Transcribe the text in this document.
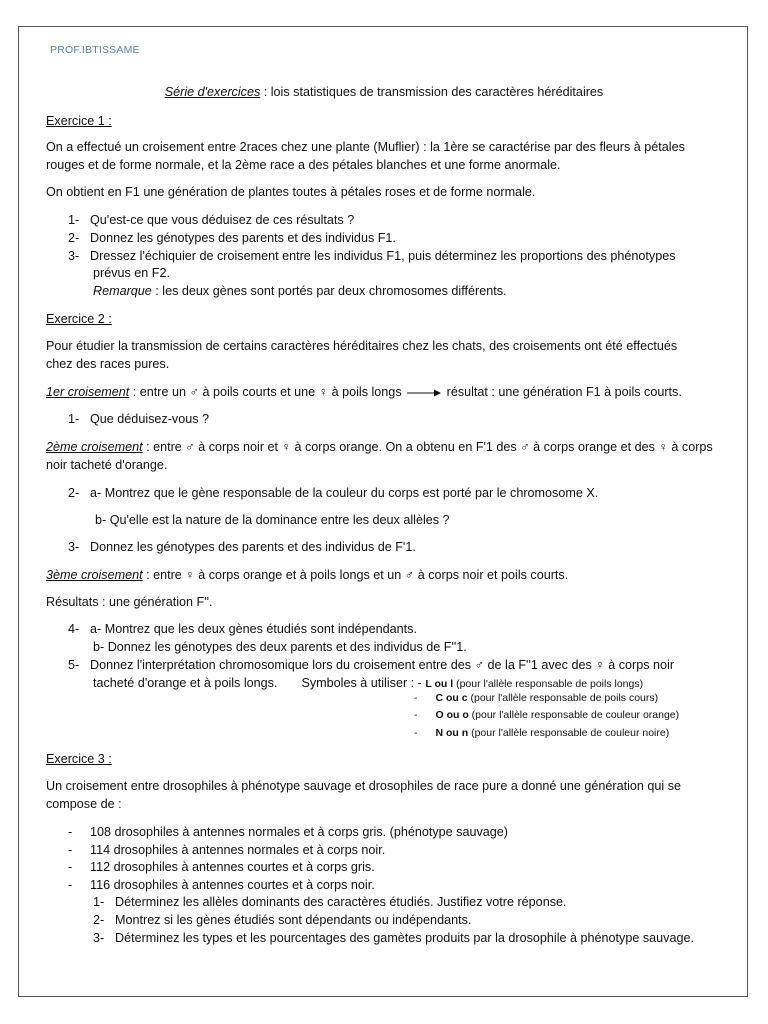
PROF.IBTISSAME
Série d'exercices : lois statistiques de transmission des caractères héréditaires
Exercice 1 :
On a effectué un croisement entre 2races chez une plante (Muflier) : la 1ère se caractérise par des fleurs à pétales
rouges et de forme normale, et la 2ème race a des pétales blanches et une forme anormale.
On obtient en F1 une génération de plantes toutes à pétales roses et de forme normale.
1- Qu'est-ce que vous déduisez de ces résultats ?
2- Donnez les génotypes des parents et des individus F1.
3- Dressez l'échiquier de croisement entre les individus F1, puis déterminez les proportions des phénotypes
prévus en F2.
Remarque : les deux gènes sont portés par deux chromosomes différents.
Exercice 2 :
Pour étudier la transmission de certains caractères héréditaires chez les chats, des croisements ont été effectués
chez des races pures.
1er croisement : entre un ♂ à poils courts et une ♀ à poils longs	résultat : une génération F1 à poils courts.
1- Que déduisez-vous ?
2ème croisement : entre ♂ à corps noir et ♀ à corps orange. On a obtenu en F'1 des ♂ à corps orange et des ♀ à corps
noir tacheté d'orange.
2- a- Montrez que le gène responsable de la couleur du corps est porté par le chromosome X.
b- Qu'elle est la nature de la dominance entre les deux allèles ?
3- Donnez les génotypes des parents et des individus de F'1.
3ème croisement : entre ♀ à corps orange et à poils longs et un ♂ à corps noir et poils courts.
Résultats : une génération F''.
4- a- Montrez que les deux gènes étudiés sont indépendants.
b- Donnez les génotypes des deux parents et des individus de F''1.
5- Donnez l'interprétation chromosomique lors du croisement entre des ♂ de la F''1 avec des ♀ à corps noir
tacheté d'orange et à poils longs. Symboles à utiliser : - L ou l (pour l'allèle responsable de poils longs)
- C ou c (pour l'allèle responsable de poils cours)
- O ou o (pour l'allèle responsable de couleur orange)
- N ou n (pour l'allèle responsable de couleur noire)
Exercice 3 :
Un croisement entre drosophiles à phénotype sauvage et drosophiles de race pure a donné une génération qui se
compose de :
- 108 drosophiles à antennes normales et à corps gris. (phénotype sauvage)
- 114 drosophiles à antennes normales et à corps noir.
- 112 drosophiles à antennes courtes et à corps gris.
- 116 drosophiles à antennes courtes et à corps noir.
1- Déterminez les allèles dominants des caractères étudiés. Justifiez votre réponse.
2- Montrez si les gènes étudiés sont dépendants ou indépendants.
3- Déterminez les types et les pourcentages des gamètes produits par la drosophile à phénotype sauvage.
